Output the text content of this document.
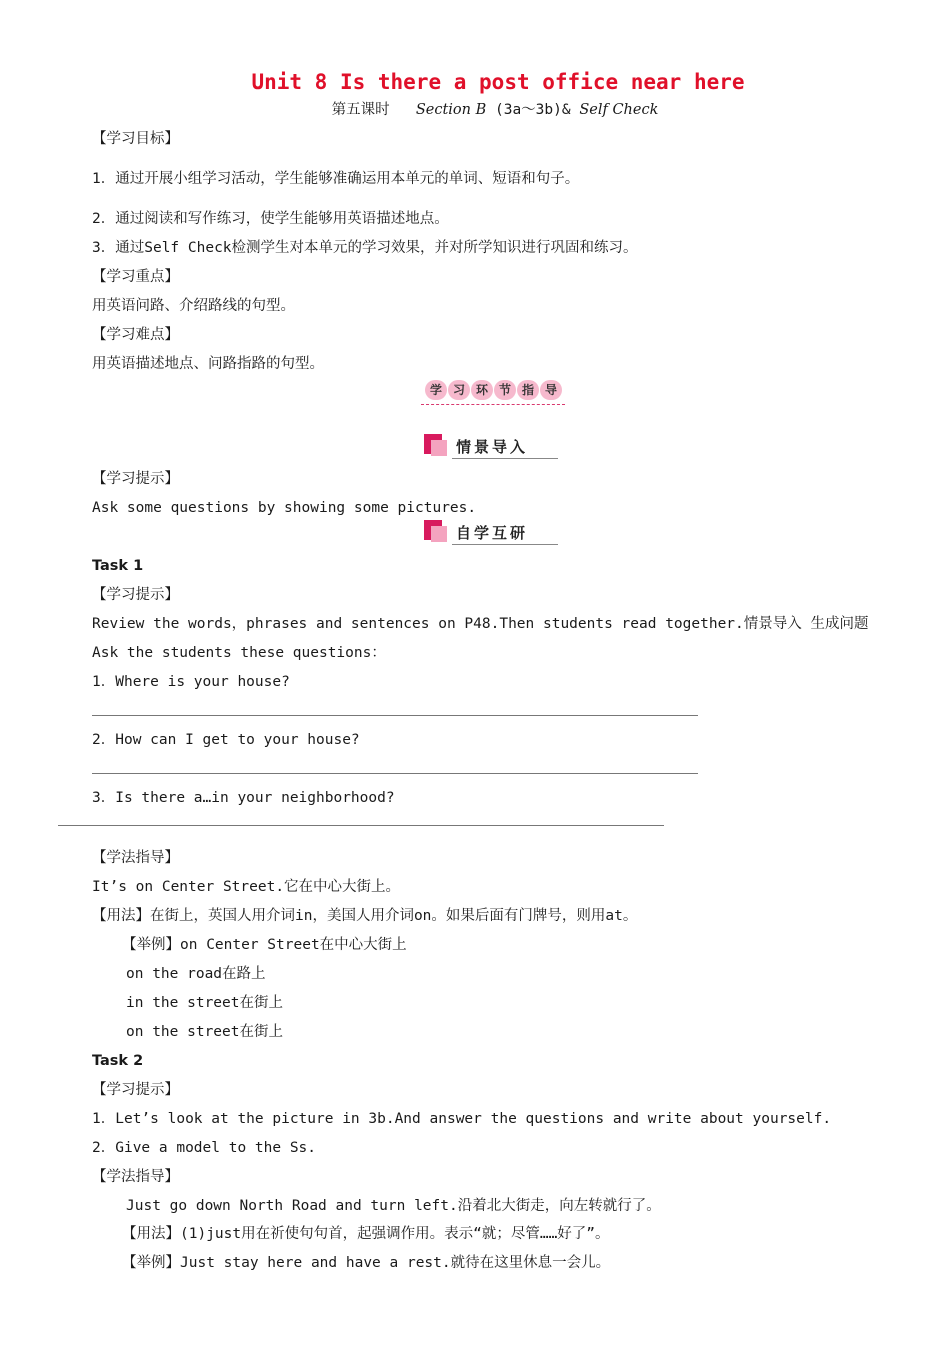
Unit 8 Is there a post office near here
第五课时 Section B (3a～3b)& Self Check
【学习目标】
1．通过开展小组学习活动，学生能够准确运用本单元的单词、短语和句子。
2．通过阅读和写作练习，使学生能够用英语描述地点。
3．通过Self Check检测学生对本单元的学习效果，并对所学知识进行巩固和练习。
【学习重点】
用英语问路、介绍路线的句型。
【学习难点】
用英语描述地点、问路指路的句型。
学 习 环 节 指 导
情景导入
【学习提示】
Ask some questions by showing some pictures.
自学互研
Task 1
【学习提示】
Review the words，phrases and sentences on P48.Then students read together.情景导入 生成问题
Ask the students these questions：
1．Where is your house?
2．How can I get to your house?
3．Is there a…in your neighborhood?
【学法指导】
It’s on Center Street.它在中心大街上。
【用法】在街上，英国人用介词in，美国人用介词on。如果后面有门牌号，则用at。
【举例】on Center Street在中心大街上
on the road在路上
in the street在街上
on the street在街上
Task 2
【学习提示】
1．Let’s look at the picture in 3b.And answer the questions and write about yourself.
2．Give a model to the Ss.
【学法指导】
Just go down North Road and turn left.沿着北大街走，向左转就行了。
【用法】(1)just用在祈使句句首，起强调作用。表示“就；尽管……好了”。
【举例】Just stay here and have a rest.就待在这里休息一会儿。
